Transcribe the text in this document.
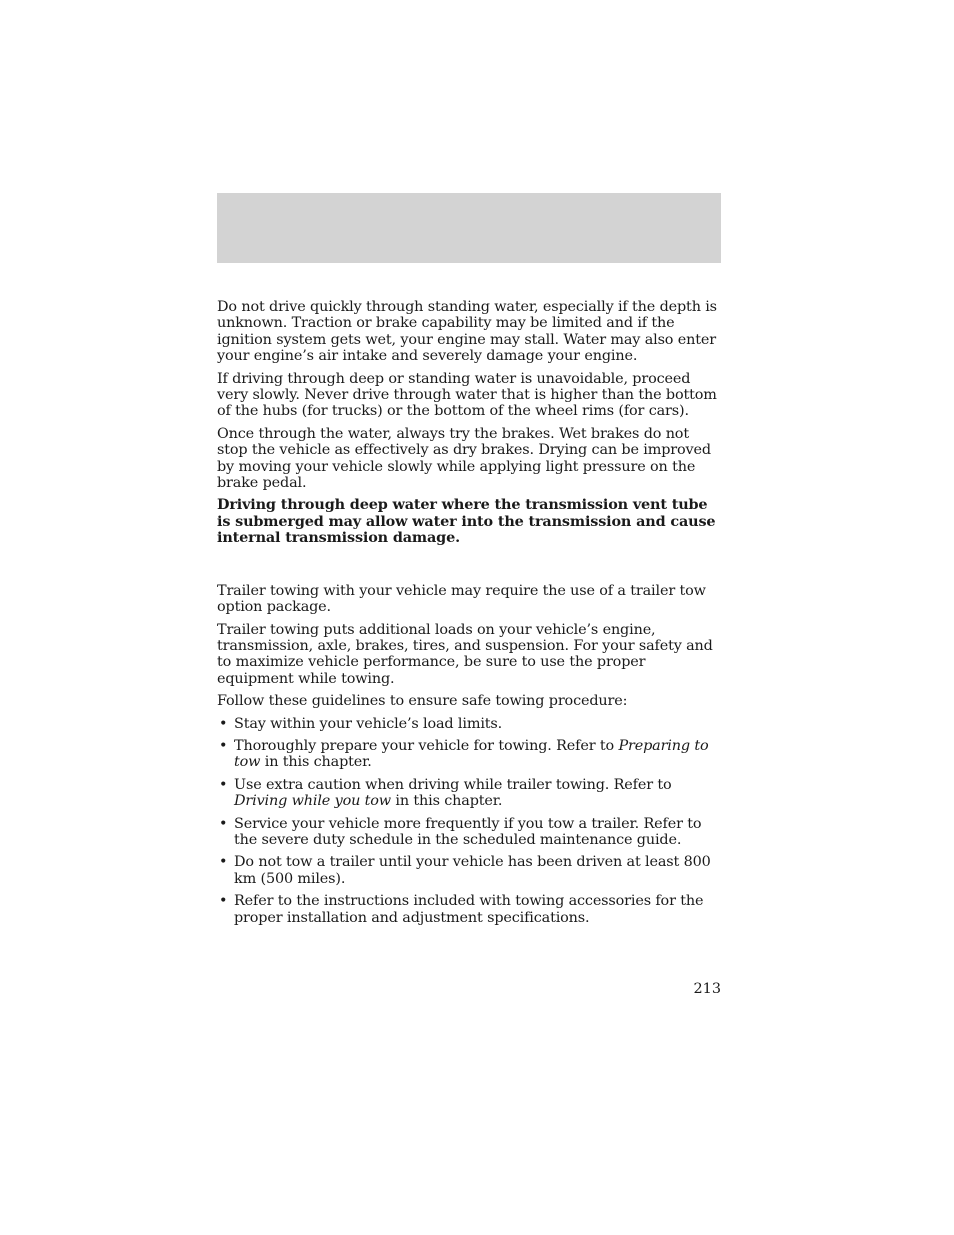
Do not drive quickly through standing water, especially if the depth is unknown. Traction or brake capability may be limited and if the ignition system gets wet, your engine may stall. Water may also enter your engine’s air intake and severely damage your engine.

If driving through deep or standing water is unavoidable, proceed very slowly. Never drive through water that is higher than the bottom of the hubs (for trucks) or the bottom of the wheel rims (for cars).

Once through the water, always try the brakes. Wet brakes do not stop the vehicle as effectively as dry brakes. Drying can be improved by moving your vehicle slowly while applying light pressure on the brake pedal.

Driving through deep water where the transmission vent tube is submerged may allow water into the transmission and cause internal transmission damage.

Trailer towing with your vehicle may require the use of a trailer tow option package.

Trailer towing puts additional loads on your vehicle’s engine, transmission, axle, brakes, tires, and suspension. For your safety and to maximize vehicle performance, be sure to use the proper equipment while towing.

Follow these guidelines to ensure safe towing procedure:

• Stay within your vehicle’s load limits.
• Thoroughly prepare your vehicle for towing. Refer to Preparing to tow in this chapter.
• Use extra caution when driving while trailer towing. Refer to Driving while you tow in this chapter.
• Service your vehicle more frequently if you tow a trailer. Refer to the severe duty schedule in the scheduled maintenance guide.
• Do not tow a trailer until your vehicle has been driven at least 800 km (500 miles).
• Refer to the instructions included with towing accessories for the proper installation and adjustment specifications.
213
